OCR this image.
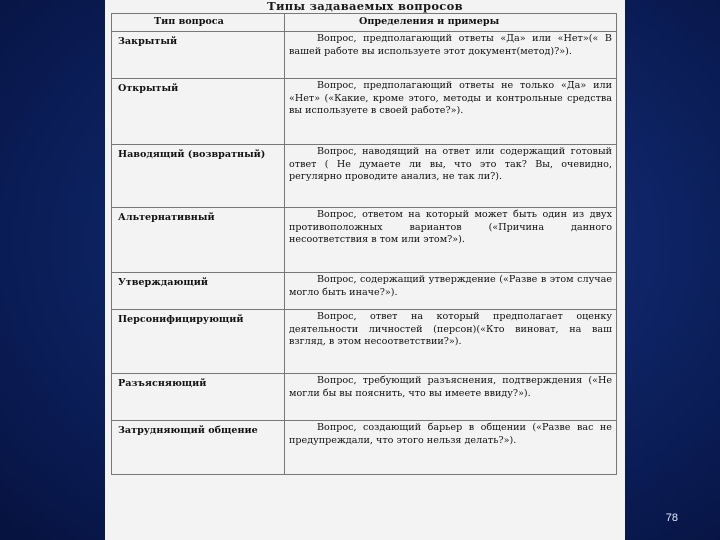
Типы задаваемых вопросов
Тип вопроса	Определения и примеры
Закрытый	Вопрос, предполагающий ответы «Да» или «Нет»(« В вашей работе вы используете этот документ(метод)?»).

Открытый	Вопрос, предполагающий ответы не только «Да» или «Нет» («Какие, кроме этого, методы и контрольные средства вы используете в своей работе?»).

Наводящий (возвратный)	Вопрос, наводящий на ответ или содержащий готовый ответ ( Не думаете ли вы, что это так? Вы, очевидно, регулярно проводите анализ, не так ли?).

Альтернативный	Вопрос, ответом на который может быть один из двух противоположных вариантов («Причина данного несоответствия в том или этом?»).

Утверждающий	Вопрос, содержащий утверждение («Разве в этом случае могло быть иначе?»).

Персонифицирующий	Вопрос, ответ на который предполагает оценку деятельности личностей (персон)(«Кто виноват, на ваш взгляд, в этом несоответствии?»).

Разъясняющий	Вопрос, требующий разъяснения, подтверждения («Не могли бы вы пояснить, что вы имеете ввиду?»).

Затрудняющий общение	Вопрос, создающий барьер в общении («Разве вас не предупреждали, что этого нельзя делать?»).
78
